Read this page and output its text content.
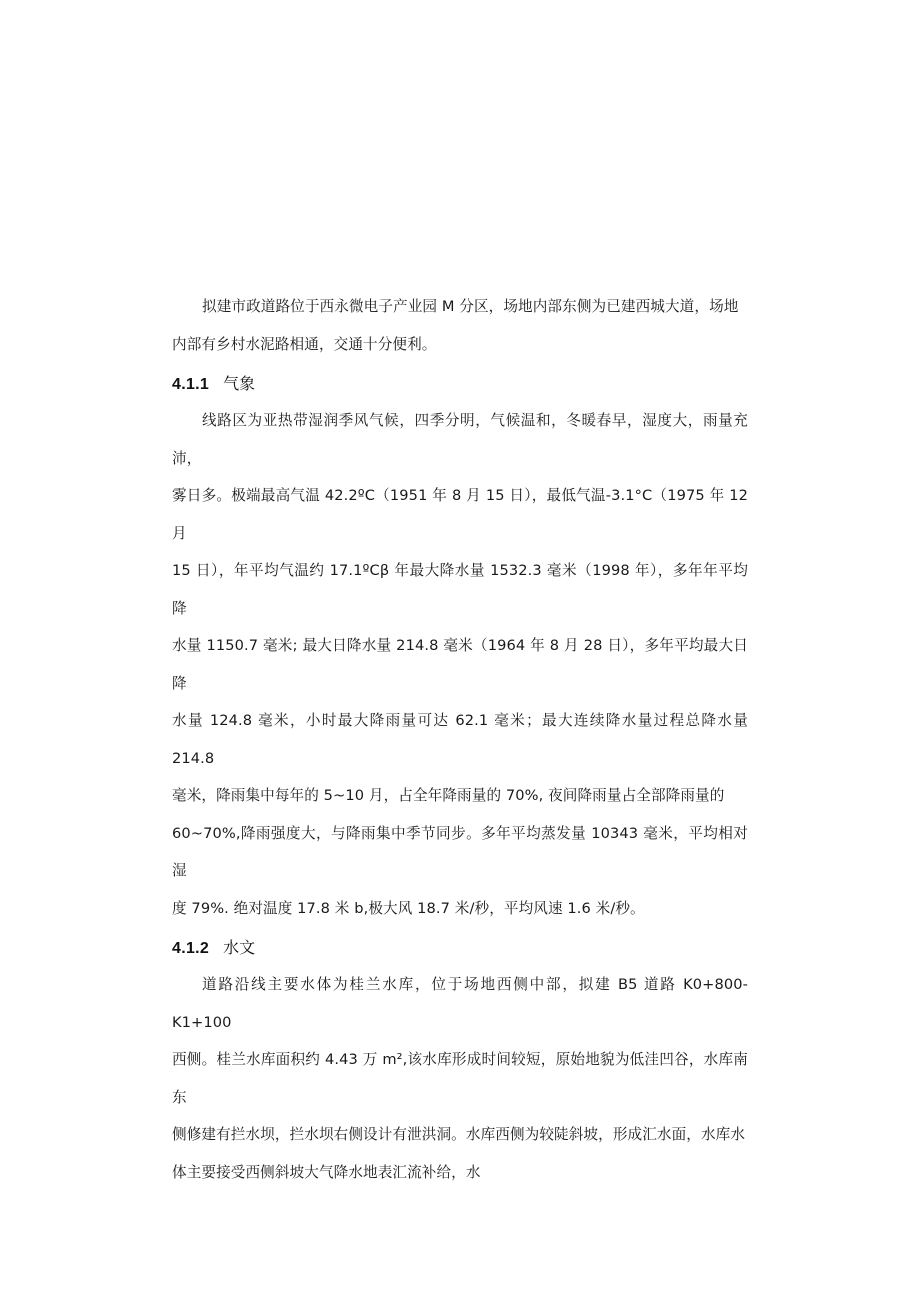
拟建市政道路位于西永微电子产业园 M 分区，场地内部东侧为已建西城大道，场地
内部有乡村水泥路相通，交通十分便利。

4.1.1 气象

线路区为亚热带湿润季风气候，四季分明，气候温和，冬暖春早，湿度大，雨量充沛，
雾日多。极端最高气温 42.2ºC（1951 年 8 月 15 日），最低气温-3.1°C（1975 年 12 月
15 日），年平均气温约 17.1ºCβ 年最大降水量 1532.3 毫米（1998 年），多年年平均降
水量 1150.7 毫米; 最大日降水量 214.8 毫米（1964 年 8 月 28 日），多年平均最大日降
水量 124.8 毫米，小时最大降雨量可达 62.1 毫米；最大连续降水量过程总降水量 214.8
毫米，降雨集中每年的 5~10 月，占全年降雨量的 70%, 夜间降雨量占全部降雨量的
60~70%,降雨强度大，与降雨集中季节同步。多年平均蒸发量 10343 毫米，平均相对湿
度 79%. 绝对温度 17.8 米 b,极大风 18.7 米/秒，平均风速 1.6 米/秒。

4.1.2 水文

道路沿线主要水体为桂兰水库，位于场地西侧中部，拟建 B5 道路 K0+800-K1+100
西侧。桂兰水库面积约 4.43 万 m²,该水库形成时间较短，原始地貌为低洼凹谷，水库南东
侧修建有拦水坝，拦水坝右侧设计有泄洪洞。水库西侧为较陡斜坡，形成汇水面，水库水
体主要接受西侧斜坡大气降水地表汇流补给，水
